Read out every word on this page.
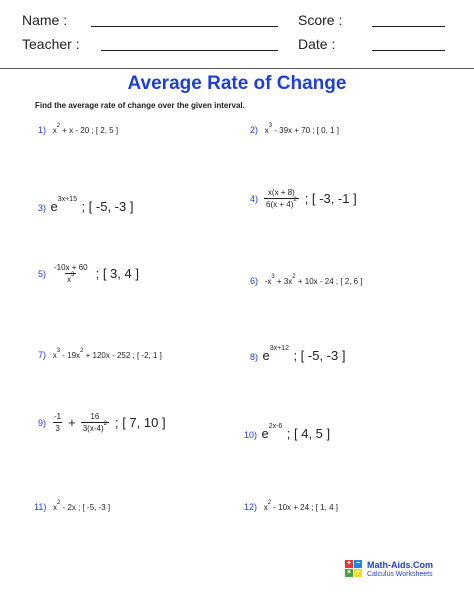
Name :
Teacher :
Score :
Date :
Average Rate of Change
Find the average rate of change over the given interval.
1) $x^2 + x - 20$ ; [ 2, 5 ]	2) $x^3 - 39x + 70$ ; [ 0, 1 ]
3) $e^{3x+15}$ ; [ -5, -3 ]
$4) \frac{x(x + 8)}{6(x + 4)^2}$ ; [ -3, -1 ]
$5) \frac{-10x + 60}{x^3}$ ; [ 3, 4 ]	6) $-x^3 + 3x^2 + 10x - 24$ ; [ 2, 6 ]
7) $x^3 - 19x^2 + 120x - 252$ ; [ -2, 1 ]	8) $e^{3x+12}$ ; [ -5, -3 ]
$9) \frac{-1}{3} + \frac{16}{3(x-4)^2}$ ; [ 7, 10 ]
10) $e^{2x-6}$ ; [ 4, 5 ]
11) $x^2 - 2x$ ; [ -5, -3 ]	12) $x^2 - 10x + 24$ ; [ 1, 4 ]
+ −
× ÷
Math-Aids.Com
Calculus Worksheets
